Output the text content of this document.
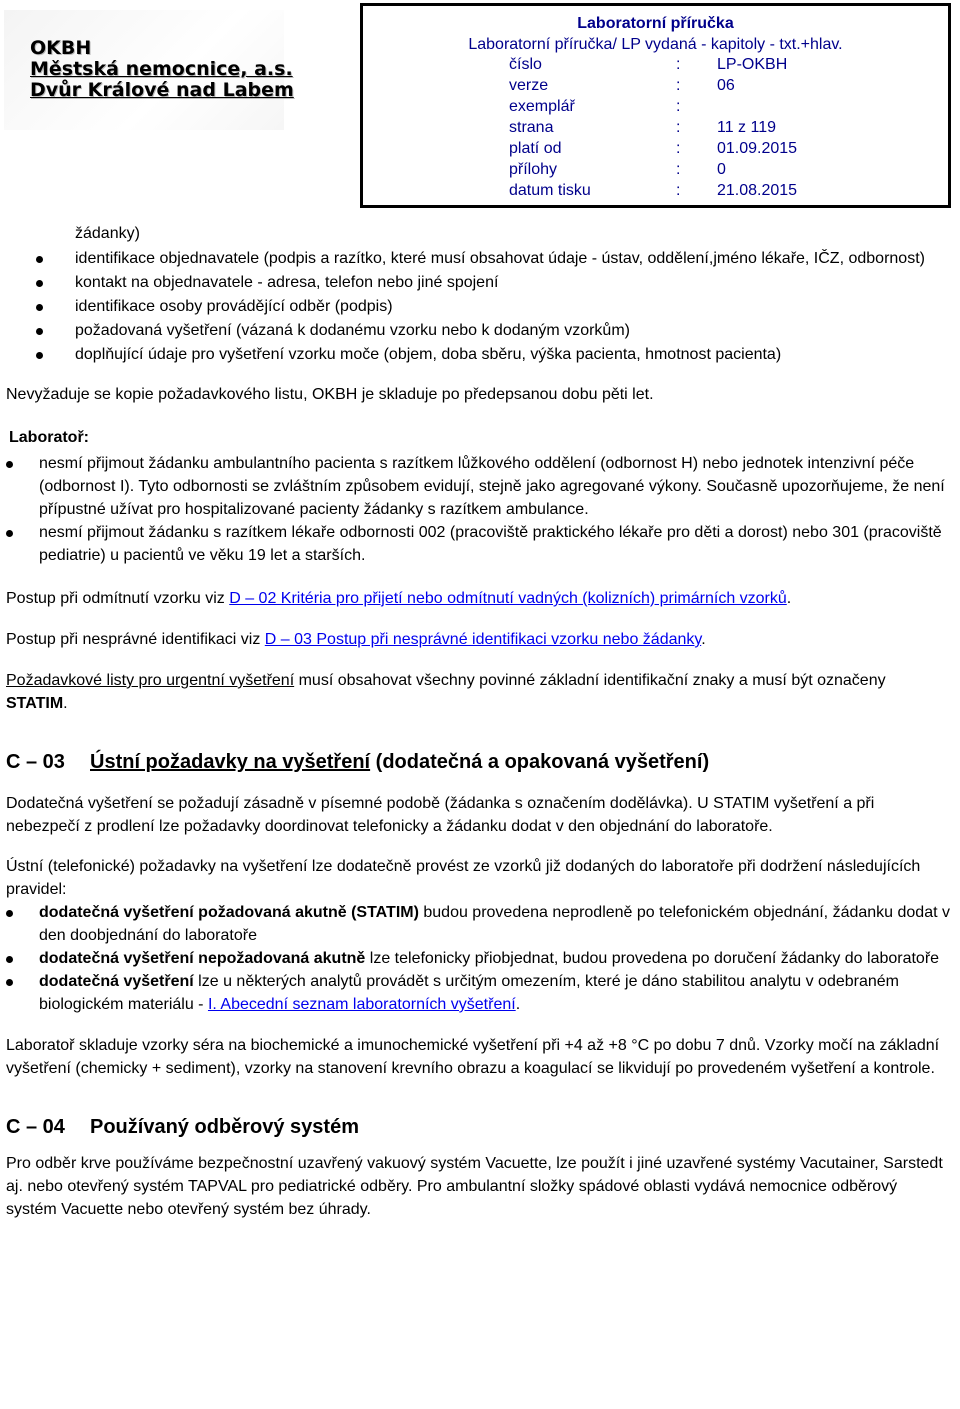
OKBH
Městská nemocnice, a.s.
Dvůr Králové nad Labem
Laboratorní příručka
Laboratorní příručka/ LP vydaná - kapitoly - txt.+hlav.
číslo	: LP-OKBH
verze	: 06
exemplář	:
strana	: 11 z 119
platí od	: 01.09.2015
přílohy	: 0
datum tisku	: 21.08.2015
žádanky)
identifikace objednavatele (podpis a razítko, které musí obsahovat údaje - ústav, oddělení,jméno lékaře, IČZ, odbornost)
kontakt na objednavatele - adresa, telefon nebo jiné spojení
identifikace osoby provádějící odběr (podpis)
požadovaná vyšetření (vázaná k dodanému vzorku nebo k dodaným vzorkům)
doplňující údaje pro vyšetření vzorku moče (objem, doba sběru, výška pacienta, hmotnost pacienta)

Nevyžaduje se kopie požadavkového listu, OKBH je skladuje po předepsanou dobu pěti let.

Laboratoř:
nesmí přijmout žádanku ambulantního pacienta s razítkem lůžkového oddělení (odbornost H) nebo jednotek intenzivní péče (odbornost I). Tyto odbornosti se zvláštním způsobem evidují, stejně jako agregované výkony. Současně upozorňujeme, že není přípustné užívat pro hospitalizované pacienty žádanky s razítkem ambulance.
nesmí přijmout žádanku s razítkem lékaře odbornosti 002 (pracoviště praktického lékaře pro děti a dorost) nebo 301 (pracoviště pediatrie) u pacientů ve věku 19 let a starších.

Postup při odmítnutí vzorku viz D – 02 Kritéria pro přijetí nebo odmítnutí vadných (kolizních) primárních vzorků.

Postup při nesprávné identifikaci viz D – 03 Postup při nesprávné identifikaci vzorku nebo žádanky.

Požadavkové listy pro urgentní vyšetření musí obsahovat všechny povinné základní identifikační znaky a musí být označeny STATIM.

C – 03 Ústní požadavky na vyšetření (dodatečná a opakovaná vyšetření)

Dodatečná vyšetření se požadují zásadně v písemné podobě (žádanka s označením dodělávka). U STATIM vyšetření a při nebezpečí z prodlení lze požadavky doordinovat telefonicky a žádanku dodat v den objednání do laboratoře.

Ústní (telefonické) požadavky na vyšetření lze dodatečně provést ze vzorků již dodaných do laboratoře při dodržení následujících pravidel:

dodatečná vyšetření požadovaná akutně (STATIM) budou provedena neprodleně po telefonickém objednání, žádanku dodat v den doobjednání do laboratoře
dodatečná vyšetření nepožadovaná akutně lze telefonicky přiobjednat, budou provedena po doručení žádanky do laboratoře
dodatečná vyšetření lze u některých analytů provádět s určitým omezením, které je dáno stabilitou analytu v odebraném biologickém materiálu - I. Abecední seznam laboratorních vyšetření.

Laboratoř skladuje vzorky séra na biochemické a imunochemické vyšetření při +4 až +8 °C po dobu 7 dnů. Vzorky močí na základní vyšetření (chemicky + sediment), vzorky na stanovení krevního obrazu a koagulací se likvidují po provedeném vyšetření a kontrole.

C – 04 Používaný odběrový systém

Pro odběr krve používáme bezpečnostní uzavřený vakuový systém Vacuette, lze použít i jiné uzavřené systémy Vacutainer, Sarstedt aj. nebo otevřený systém TAPVAL pro pediatrické odběry. Pro ambulantní složky spádové oblasti vydává nemocnice odběrový systém Vacuette nebo otevřený systém bez úhrady.
